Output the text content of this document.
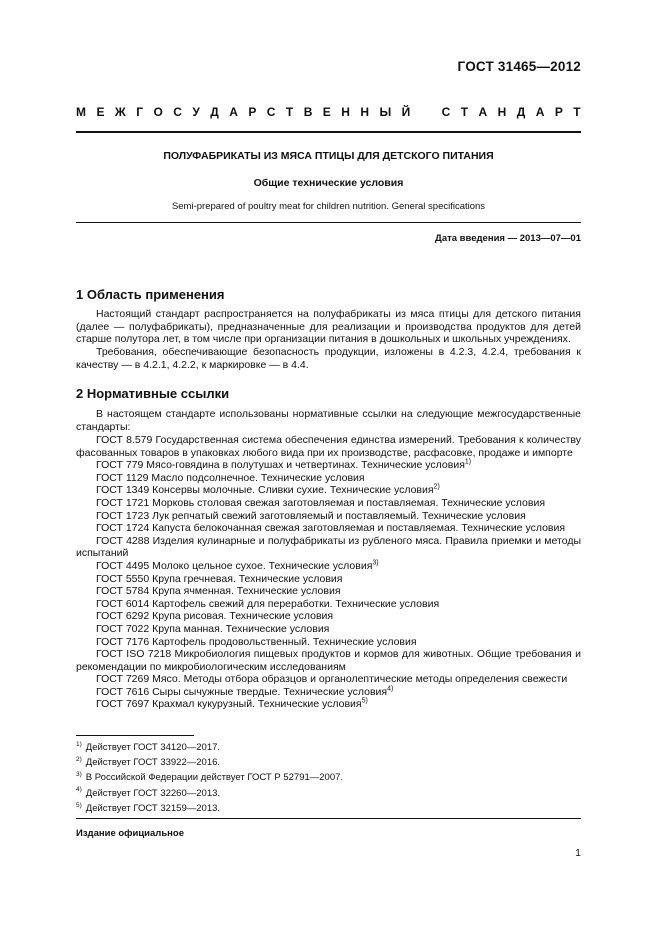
ГОСТ 31465—2012
М Е Ж Г О С У Д А Р С Т В Е Н Н Ы Й	С Т А Н Д А Р Т
ПОЛУФАБРИКАТЫ ИЗ МЯСА ПТИЦЫ ДЛЯ ДЕТСКОГО ПИТАНИЯ
Общие технические условия
Semi-prepared of poultry meat for children nutrition. General specifications
Дата введения — 2013—07—01
1 Область применения
Настоящий стандарт распространяется на полуфабрикаты из мяса птицы для детского питания (далее — полуфабрикаты), предназначенные для реализации и производства продуктов для детей старше полутора лет, в том числе при организации питания в дошкольных и школьных учреждениях.
Требования, обеспечивающие безопасность продукции, изложены в 4.2.3, 4.2.4, требования к качеству — в 4.2.1, 4.2.2, к маркировке — в 4.4.
2 Нормативные ссылки
В настоящем стандарте использованы нормативные ссылки на следующие межгосударственные стандарты:
ГОСТ 8.579 Государственная система обеспечения единства измерений. Требования к количеству фасованных товаров в упаковках любого вида при их производстве, расфасовке, продаже и импорте
ГОСТ 779 Мясо-говядина в полутушах и четвертинах. Технические условия$^{1)}$
ГОСТ 1129 Масло подсолнечное. Технические условия
ГОСТ 1349 Консервы молочные. Сливки сухие. Технические условия$^{2)}$
ГОСТ 1721 Морковь столовая свежая заготовляемая и поставляемая. Технические условия
ГОСТ 1723 Лук репчатый свежий заготовляемый и поставляемый. Технические условия
ГОСТ 1724 Капуста белокочанная свежая заготовляемая и поставляемая. Технические условия
ГОСТ 4288 Изделия кулинарные и полуфабрикаты из рубленого мяса. Правила приемки и методы испытаний
ГОСТ 4495 Молоко цельное сухое. Технические условия$^{3)}$
ГОСТ 5550 Крупа гречневая. Технические условия
ГОСТ 5784 Крупа ячменная. Технические условия
ГОСТ 6014 Картофель свежий для переработки. Технические условия
ГОСТ 6292 Крупа рисовая. Технические условия
ГОСТ 7022 Крупа манная. Технические условия
ГОСТ 7176 Картофель продовольственный. Технические условия
ГОСТ ISO 7218 Микробиология пищевых продуктов и кормов для животных. Общие требования и рекомендации по микробиологическим исследованиям
ГОСТ 7269 Мясо. Методы отбора образцов и органолептические методы определения свежести
ГОСТ 7616 Сыры сычужные твердые. Технические условия$^{4)}$
ГОСТ 7697 Крахмал кукурузный. Технические условия$^{5)}$
$^{1)}$ Действует ГОСТ 34120—2017.
$^{2)}$ Действует ГОСТ 33922—2016.
$^{3)}$ В Российской Федерации действует ГОСТ Р 52791—2007.
$^{4)}$ Действует ГОСТ 32260—2013.
$^{5)}$ Действует ГОСТ 32159—2013.
Издание официальное
1
